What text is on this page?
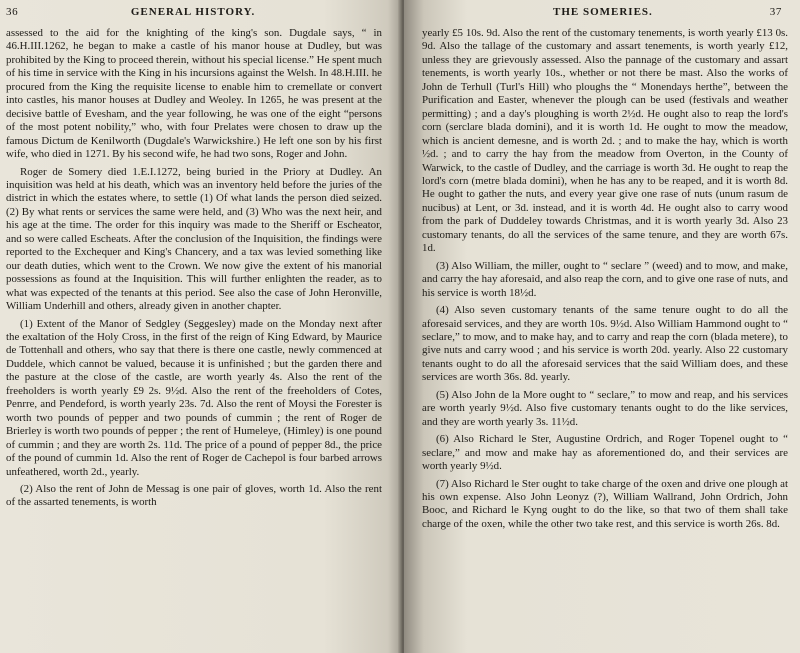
36	GENERAL HISTORY.

assessed to the aid for the knighting of the king's son. Dugdale says, “ in 46.H.III.1262, he began to make a castle of his manor house at Dudley, but was prohibited by the King to proceed therein, without his special license.” He spent much of his time in service with the King in his incursions against the Welsh. In 48.H.III. he procured from the King the requisite license to enable him to cremellate or convert into castles, his manor houses at Dudley and Weoley. In 1265, he was present at the decisive battle of Evesham, and the year following, he was one of the eight “persons of the most potent nobility,” who, with four Prelates were chosen to draw up the famous Dictum de Kenilworth (Dugdale's Warwickshire.) He left one son by his first wife, who died in 1271. By his second wife, he had two sons, Roger and John.

Roger de Somery died 1.E.I.1272, being buried in the Priory at Dudley. An inquisition was held at his death, which was an inventory held before the juries of the district in which the estates where, to settle (1) Of what lands the person died seized. (2) By what rents or services the same were held, and (3) Who was the next heir, and his age at the time. The order for this inquiry was made to the Sheriff or Escheator, and so were called Escheats. After the conclusion of the Inquisition, the findings were reported to the Exchequer and King's Chancery, and a tax was levied something like our death duties, which went to the Crown. We now give the extent of his manorial possessions as found at the Inquisition. This will further enlighten the reader, as to what was expected of the tenants at this period. See also the case of John Heronville, William Underhill and others, already given in another chapter.

(1) Extent of the Manor of Sedgley (Seggesley) made on the Monday next after the exaltation of the Holy Cross, in the first of the reign of King Edward, by Maurice de Tottenhall and others, who say that there is there one castle, newly commenced at Duddele, which cannot be valued, because it is unfinished ; but the garden there and the pasture at the close of the castle, are worth yearly 4s. Also the rent of the freeholders is worth yearly £9 2s. 9½d. Also the rent of the freeholders of Cotes, Penrre, and Pendeford, is worth yearly 23s. 7d. Also the rent of Moysi the Forester is worth two pounds of pepper and two pounds of cummin ; the rent of Roger de Brierley is worth two pounds of pepper ; the rent of Humeleye, (Himley) is one pound of cummin ; and they are worth 2s. 11d. The price of a pound of pepper 8d., the price of the pound of cummin 1d. Also the rent of Roger de Cachepol is four barbed arrows unfeathered, worth 2d., yearly.

(2) Also the rent of John de Messag is one pair of gloves, worth 1d. Also the rent of the assarted tenements, is worth

THE SOMERIES.	37

yearly £5 10s. 9d. Also the rent of the customary tenements, is worth yearly £13 0s. 9d. Also the tallage of the customary and assart tenements, is worth yearly £12, unless they are grievously assessed. Also the pannage of the customary and assart tenements, is worth yearly 10s., whether or not there be mast. Also the works of John de Terhull (Turl's Hill) who ploughs the “ Monendays herthe”, between the Purification and Easter, whenever the plough can be used (festivals and weather permitting) ; and a day's ploughing is worth 2½d. He ought also to reap the lord's corn (serclare blada domini), and it is worth 1d. He ought to mow the meadow, which is ancient demesne, and is worth 2d. ; and to make the hay, which is worth ½d. ; and to carry the hay from the meadow from Overton, in the County of Warwick, to the castle of Dudley, and the carriage is worth 3d. He ought to reap the lord's corn (metre blada domini), when he has any to be reaped, and it is worth 8d. He ought to gather the nuts, and every year give one rase of nuts (unum rasum de nucibus) at Lent, or 3d. instead, and it is worth 4d. He ought also to carry wood from the park of Duddeley towards Christmas, and it is worth yearly 3d. Also 23 customary tenants, do all the services of the same tenure, and they are worth 67s. 1d.

(3) Also William, the miller, ought to “ seclare ” (weed) and to mow, and make, and carry the hay aforesaid, and also reap the corn, and to give one rase of nuts, and his service is worth 18½d.

(4) Also seven customary tenants of the same tenure ought to do all the aforesaid services, and they are worth 10s. 9½d. Also William Hammond ought to “ seclare,” to mow, and to make hay, and to carry and reap the corn (blada metere), to give nuts and carry wood ; and his service is worth 20d. yearly. Also 22 customary tenants ought to do all the aforesaid services that the said William does, and these services are worth 36s. 8d. yearly.

(5) Also John de la More ought to “ seclare,” to mow and reap, and his services are worth yearly 9½d. Also five customary tenants ought to do the like services, and they are worth yearly 3s. 11½d.

(6) Also Richard le Ster, Augustine Ordrich, and Roger Topenel ought to “ seclare,” and mow and make hay as aforementioned do, and their services are worth yearly 9½d.

(7) Also Richard le Ster ought to take charge of the oxen and drive one plough at his own expense. Also John Leonyz (?), William Wallrand, John Ordrich, John Booc, and Richard le Kyng ought to do the like, so that two of them shall take charge of the oxen, while the other two take rest, and this service is worth 26s. 8d.
